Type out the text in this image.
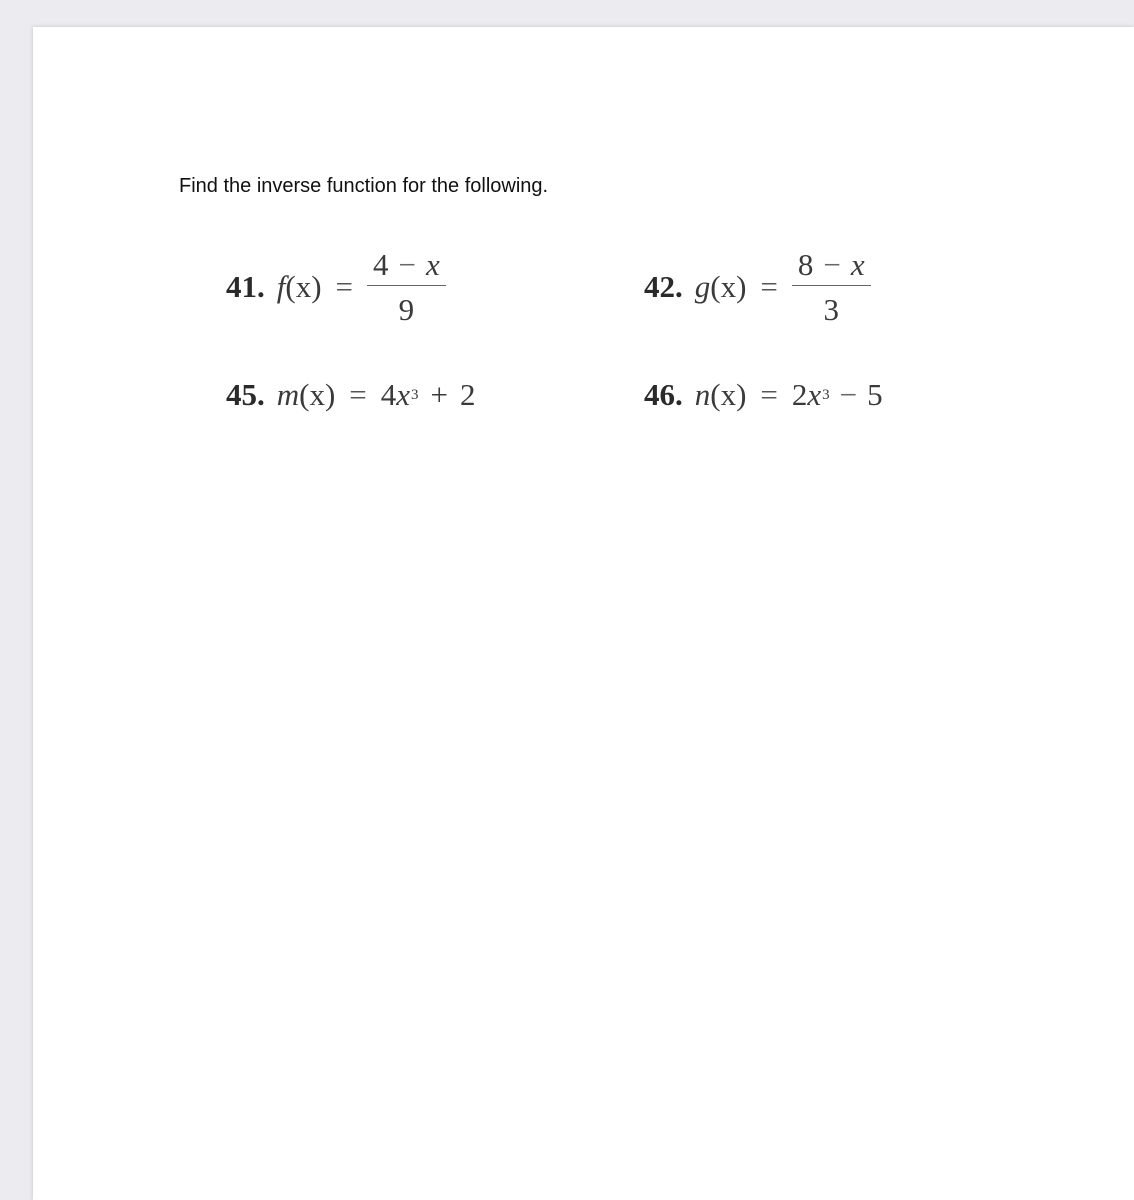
Find the inverse function for the following.
41. f $(x) = \frac{4 - x}{9}$	42. g $(x) = \frac{8 - x}{3}$
45. m (x) = 4 x 3 + 2	46. n (x) = 2 x 3 − 5
